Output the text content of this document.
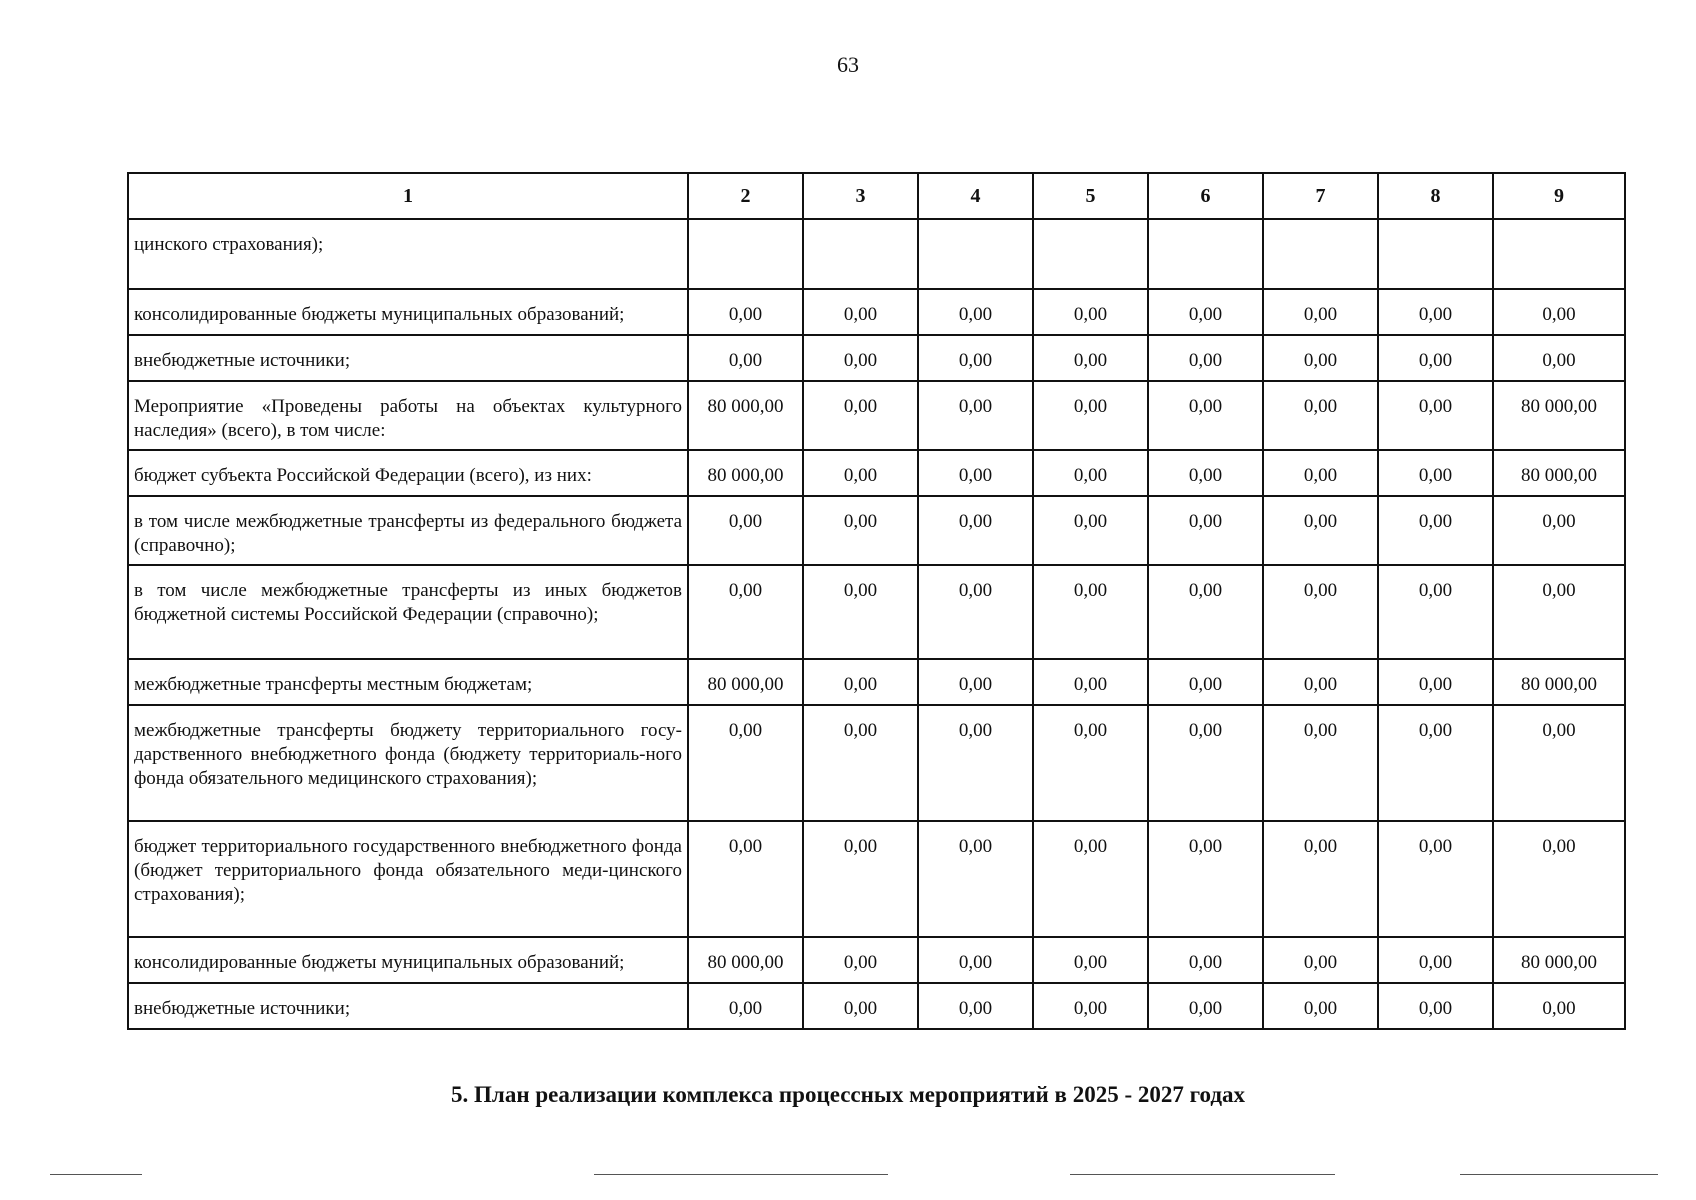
63
1	2	3	4	5	6	7	8	9
цинского страхования);								
консолидированные бюджеты муниципальных образований;	0,00	0,00	0,00	0,00	0,00	0,00	0,00	0,00
внебюджетные источники;	0,00	0,00	0,00	0,00	0,00	0,00	0,00	0,00
Мероприятие «Проведены работы на объектах культурного наследия» (всего), в том числе:	80 000,00	0,00	0,00	0,00	0,00	0,00	0,00	80 000,00
бюджет субъекта Российской Федерации (всего), из них:	80 000,00	0,00	0,00	0,00	0,00	0,00	0,00	80 000,00
в том числе межбюджетные трансферты из федерального бюджета (справочно);	0,00	0,00	0,00	0,00	0,00	0,00	0,00	0,00
в том числе межбюджетные трансферты из иных бюджетов бюджетной системы Российской Федерации (справочно);	0,00	0,00	0,00	0,00	0,00	0,00	0,00	0,00
межбюджетные трансферты местным бюджетам;	80 000,00	0,00	0,00	0,00	0,00	0,00	0,00	80 000,00
межбюджетные трансферты бюджету территориального госу-дарственного внебюджетного фонда (бюджету территориаль-ного фонда обязательного медицинского страхования);	0,00	0,00	0,00	0,00	0,00	0,00	0,00	0,00
бюджет территориального государственного внебюджетного фонда (бюджет территориального фонда обязательного меди-цинского страхования);	0,00	0,00	0,00	0,00	0,00	0,00	0,00	0,00
консолидированные бюджеты муниципальных образований;	80 000,00	0,00	0,00	0,00	0,00	0,00	0,00	80 000,00
внебюджетные источники;	0,00	0,00	0,00	0,00	0,00	0,00	0,00	0,00
5. План реализации комплекса процессных мероприятий в 2025 - 2027 годах
